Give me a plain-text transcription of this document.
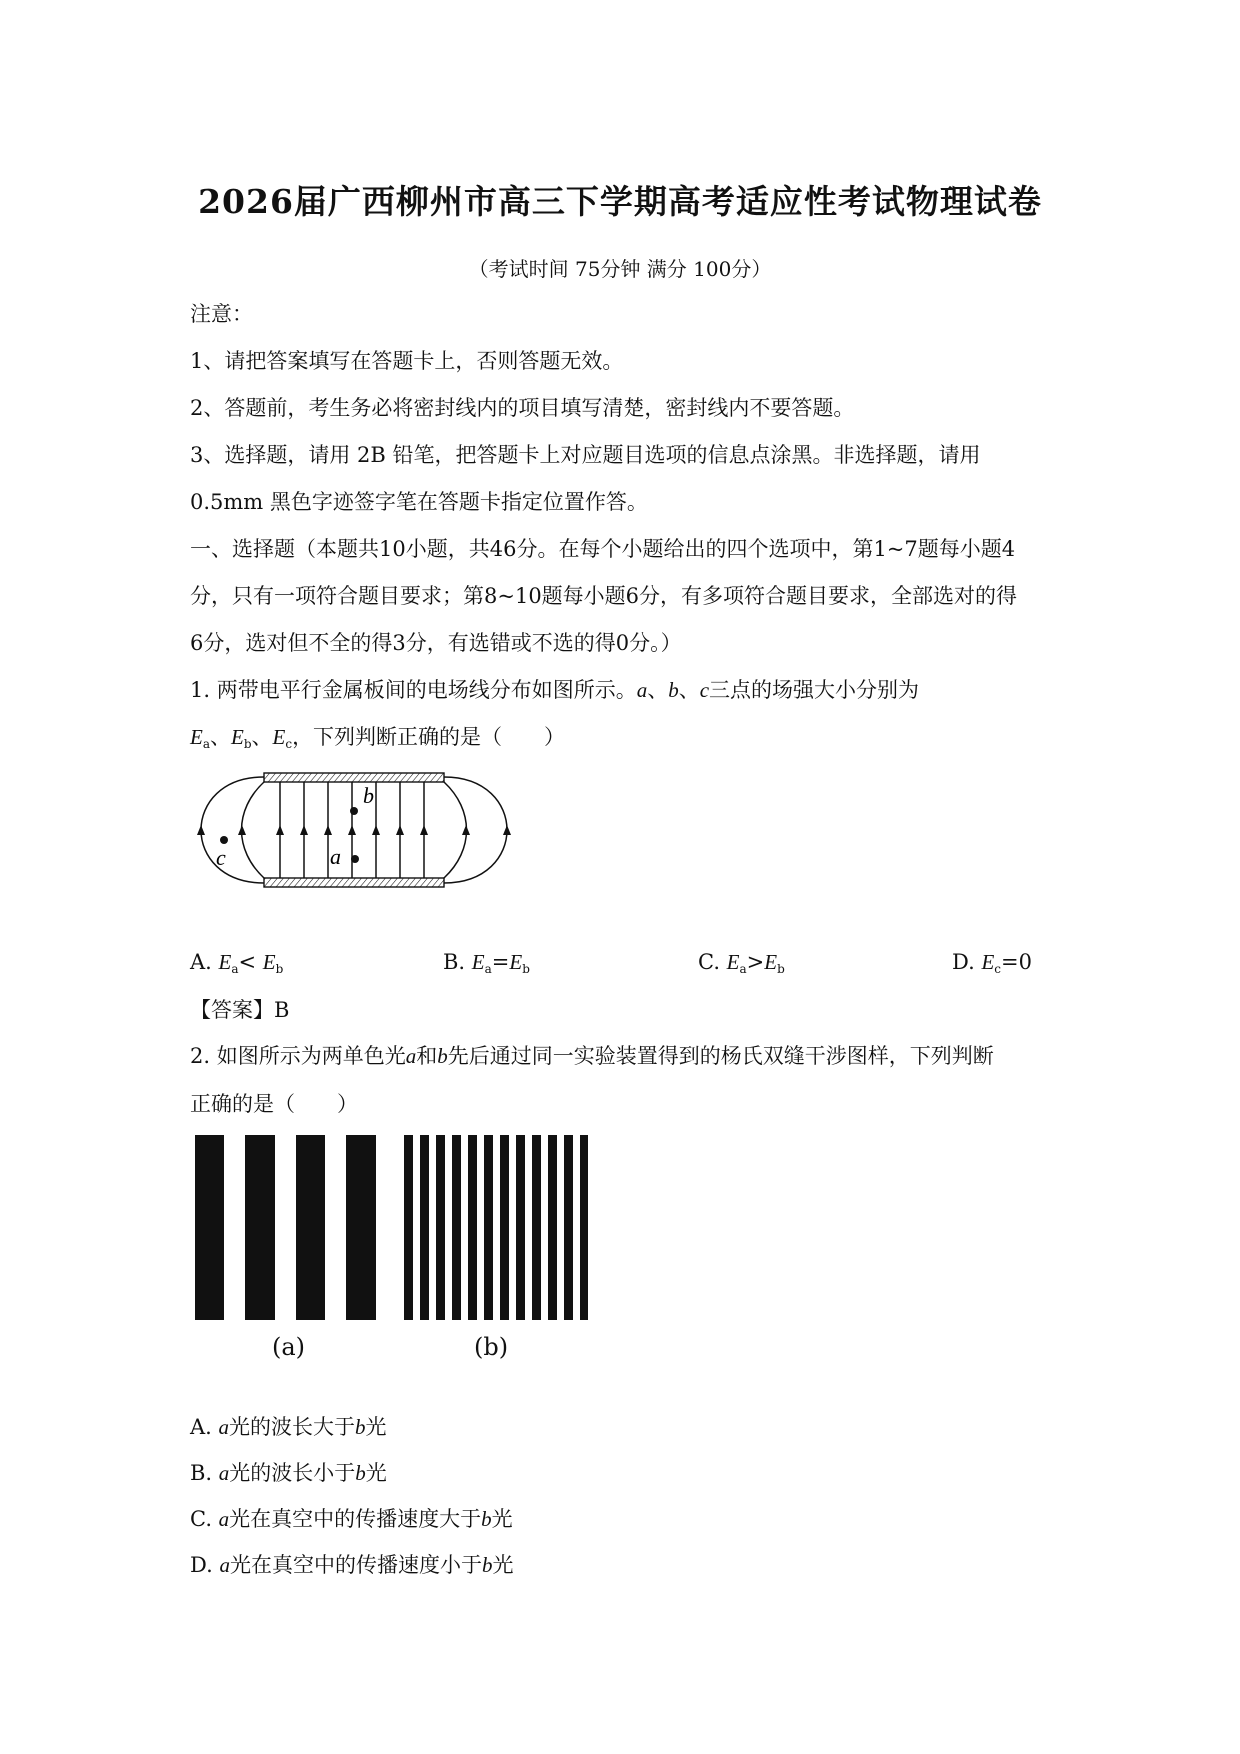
2026届广西柳州市高三下学期高考适应性考试物理试卷
（考试时间 75分钟 满分 100分）
注意：
1、请把答案填写在答题卡上，否则答题无效。
2、答题前，考生务必将密封线内的项目填写清楚，密封线内不要答题。
3、选择题，请用 2B 铅笔，把答题卡上对应题目选项的信息点涂黑。非选择题，请用
0.5mm 黑色字迹签字笔在答题卡指定位置作答。
一、选择题（本题共10小题，共46分。在每个小题给出的四个选项中，第1~7题每小题4
分，只有一项符合题目要求；第8~10题每小题6分，有多项符合题目要求，全部选对的得
6分，选对但不全的得3分，有选错或不选的得0分。）
1. 两带电平行金属板间的电场线分布如图所示。a、b、c三点的场强大小分别为
$E_a$、$E_b$、$E_c$，下列判断正确的是（　　）
b
a
c
A. $E_a< E_b$	B. $E_a=E_b$	C. $E_a>E_b$	D. $E_c=0$
【答案】B
2. 如图所示为两单色光a和b先后通过同一实验装置得到的杨氏双缝干涉图样，下列判断
正确的是（　　）
(a)	(b)
A. a光的波长大于b光
B. a光的波长小于b光
C. a光在真空中的传播速度大于b光
D. a光在真空中的传播速度小于b光
